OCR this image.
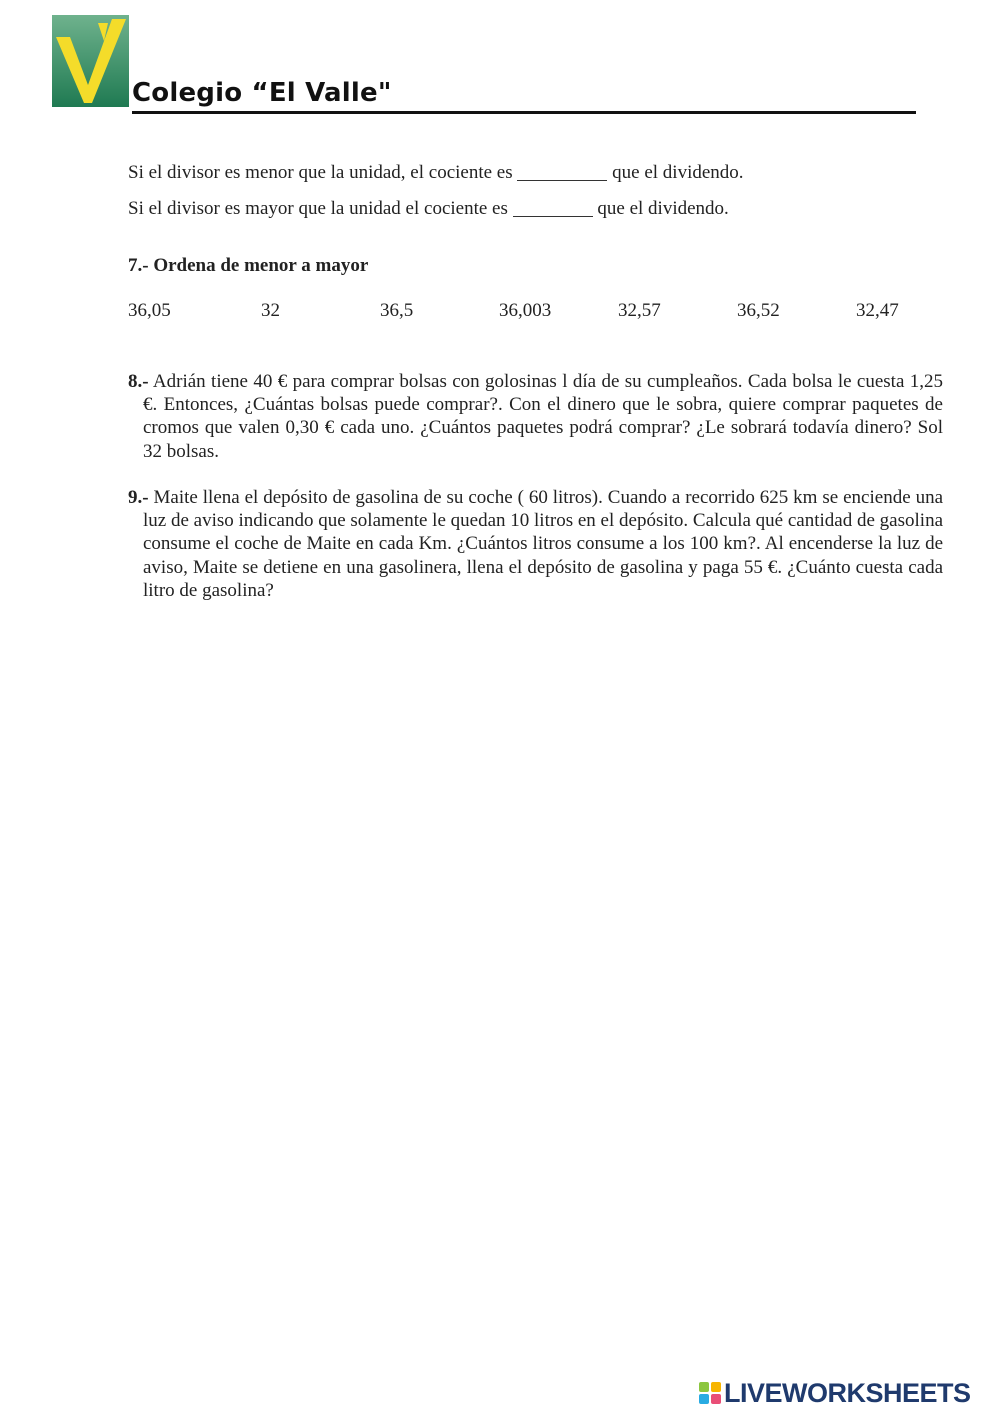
Colegio “El Valle"
Si el divisor es menor que la unidad, el cociente es	que el dividendo.
Si el divisor es mayor que la unidad el cociente es	que el dividendo.
7.- Ordena de menor a mayor
36,05	32	36,5	36,003	32,57	36,52	32,47
8.- Adrián tiene 40 € para comprar bolsas con golosinas l día de su cumpleaños. Cada bolsa le cuesta 1,25 €. Entonces, ¿Cuántas bolsas puede comprar?. Con el dinero que le sobra, quiere comprar paquetes de cromos que valen 0,30 € cada uno. ¿Cuántos paquetes podrá comprar? ¿Le sobrará todavía dinero? Sol 32 bolsas.
9.- Maite llena el depósito de gasolina de su coche ( 60 litros). Cuando a recorrido 625 km se enciende una luz de aviso indicando que solamente le quedan 10 litros en el depósito. Calcula qué cantidad de gasolina consume el coche de Maite en cada Km. ¿Cuántos litros consume a los 100 km?. Al encenderse la luz de aviso, Maite se detiene en una gasolinera, llena el depósito de gasolina y paga 55 €. ¿Cuánto cuesta cada litro de gasolina?
LIVEWORKSHEETS
